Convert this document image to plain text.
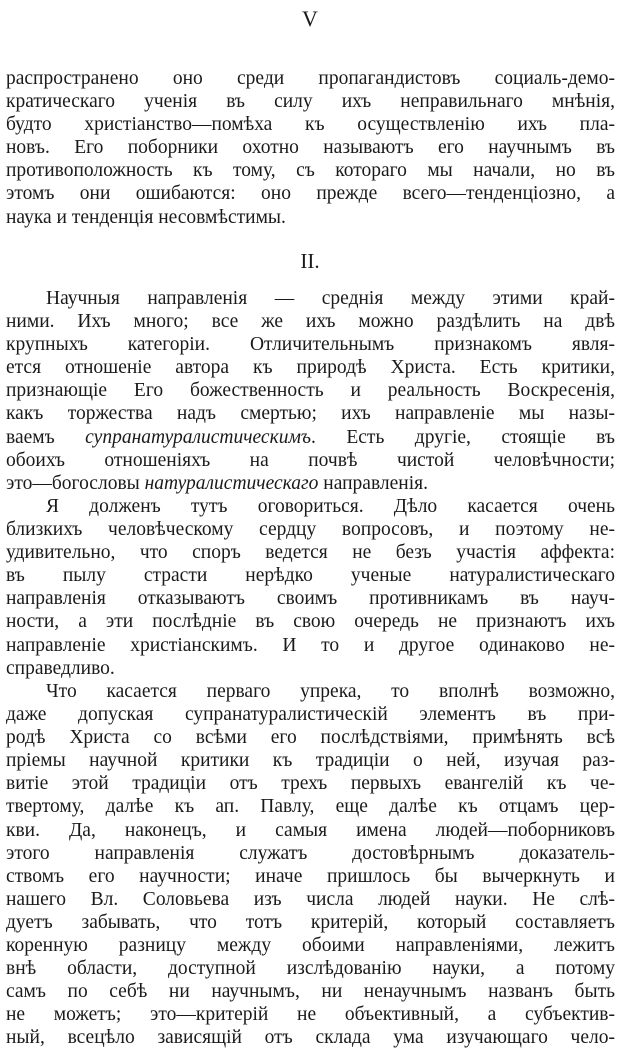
V
распространено оно среди пропагандистовъ социаль-демо-
кратическаго ученія въ силу ихъ неправильнаго мнѣнія,
будто христіанство—помѣха къ осуществленію ихъ пла-
новъ. Его поборники охотно называютъ его научнымъ въ
противоположность къ тому, съ котораго мы начали, но въ
этомъ они ошибаются: оно прежде всего—тенденціозно, а
наука и тенденція несовмѣстимы.
II.
Научныя направленія — среднія между этими край-
ними. Ихъ много; все же ихъ можно раздѣлить на двѣ
крупныхъ категоріи. Отличительнымъ признакомъ явля-
ется отношеніе автора къ природѣ Христа. Есть критики,
признающіе Его божественность и реальность Воскресенія,
какъ торжества надъ смертью; ихъ направленіе мы назы-
ваемъ супранатуралистическимъ. Есть другіе, стоящіе въ
обоихъ отношеніяхъ на почвѣ чистой человѣчности;
это—богословы натуралистическаго направленія.
Я долженъ тутъ оговориться. Дѣло касается очень
близкихъ человѣческому сердцу вопросовъ, и поэтому не-
удивительно, что споръ ведется не безъ участія аффекта:
въ пылу страсти нерѣдко ученые натуралистическаго
направленія отказываютъ своимъ противникамъ въ науч-
ности, а эти послѣдніе въ свою очередь не признаютъ ихъ
направленіе христіанскимъ. И то и другое одинаково не-
справедливо.
Что касается перваго упрека, то вполнѣ возможно,
даже допуская супранатуралистическій элементъ въ при-
родѣ Христа со всѣми его послѣдствіями, примѣнять всѣ
пріемы научной критики къ традиціи о ней, изучая раз-
витіе этой традиціи отъ трехъ первыхъ евангелій къ че-
твертому, далѣе къ ап. Павлу, еще далѣе къ отцамъ цер-
кви. Да, наконецъ, и самыя имена людей—поборниковъ
этого направленія служатъ достовѣрнымъ доказатель-
ствомъ его научности; иначе пришлось бы вычеркнуть и
нашего Вл. Соловьева изъ числа людей науки. Не слѣ-
дуетъ забывать, что тотъ критерій, который составляетъ
коренную разницу между обоими направленіями, лежитъ
внѣ области, доступной изслѣдованію науки, а потому
самъ по себѣ ни научнымъ, ни ненаучнымъ названъ быть
не можетъ; это—критерій не объективный, а субъектив-
ный, всецѣло зависящій отъ склада ума изучающаго чело-
